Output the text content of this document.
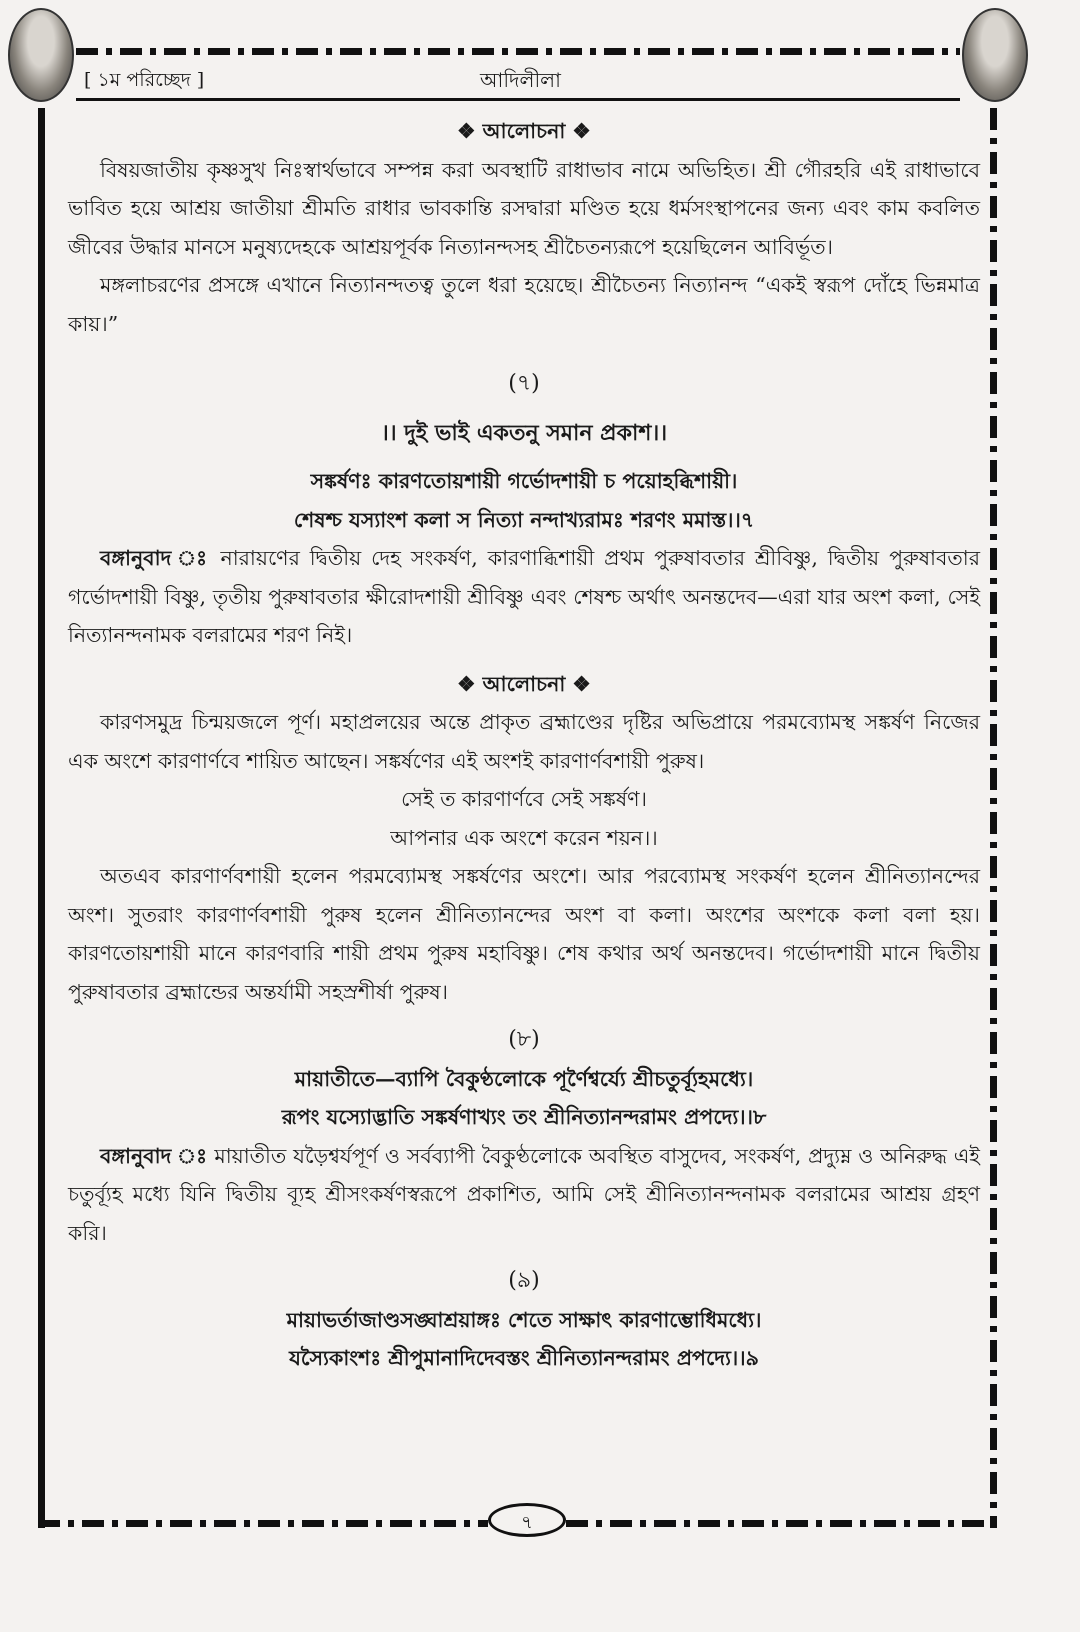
[ ১ম পরিচ্ছেদ ]	আদিলীলা

❖ আলোচনা ❖

বিষয়জাতীয় কৃষ্ণসুখ নিঃস্বার্থভাবে সম্পন্ন করা অবস্থাটি রাধাভাব নামে অভিহিত। শ্রী গৌরহরি এই রাধাভাবে ভাবিত হয়ে আশ্রয় জাতীয়া শ্রীমতি রাধার ভাবকান্তি রসদ্বারা মণ্ডিত হয়ে ধর্মসংস্থাপনের জন্য এবং কাম কবলিত জীবের উদ্ধার মানসে মনুষ্যদেহকে আশ্রয়পূর্বক নিত্যানন্দসহ শ্রীচৈতন্যরূপে হয়েছিলেন আবির্ভূত।

মঙ্গলাচরণের প্রসঙ্গে এখানে নিত্যানন্দতত্ব তুলে ধরা হয়েছে। শ্রীচৈতন্য নিত্যানন্দ “একই স্বরূপ দোঁহে ভিন্নমাত্র কায়।”

(৭)

।। দুই ভাই একতনু সমান প্রকাশ।।

সঙ্কর্ষণঃ কারণতোয়শায়ী গর্ভোদশায়ী চ পয়োহব্ধিশায়ী।

শেষশ্চ যস্যাংশ কলা স নিত্যা নন্দাখ্যরামঃ শরণং মমাস্ত।।৭

বঙ্গানুবাদ ঃ নারায়ণের দ্বিতীয় দেহ সংকর্ষণ, কারণাব্ধিশায়ী প্রথম পুরুষাবতার শ্রীবিষ্ণু, দ্বিতীয় পুরুষাবতার গর্ভোদশায়ী বিষ্ণু, তৃতীয় পুরুষাবতার ক্ষীরোদশায়ী শ্রীবিষ্ণু এবং শেষশ্চ অর্থাৎ অনন্তদেব—এরা যার অংশ কলা, সেই নিত্যানন্দনামক বলরামের শরণ নিই।

❖ আলোচনা ❖

কারণসমুদ্র চিন্ময়জলে পূর্ণ। মহাপ্রলয়ের অন্তে প্রাকৃত ব্রহ্মাণ্ডের দৃষ্টির অভিপ্রায়ে পরমব্যোমস্থ সঙ্কর্ষণ নিজের এক অংশে কারণার্ণবে শায়িত আছেন। সঙ্কর্ষণের এই অংশই কারণার্ণবশায়ী পুরুষ।

সেই ত কারণার্ণবে সেই সঙ্কর্ষণ।

আপনার এক অংশে করেন শয়ন।।

অতএব কারণার্ণবশায়ী হলেন পরমব্যোমস্থ সঙ্কর্ষণের অংশে। আর পরব্যোমস্থ সংকর্ষণ হলেন শ্রীনিত্যানন্দের অংশ। সুতরাং কারণার্ণবশায়ী পুরুষ হলেন শ্রীনিত্যানন্দের অংশ বা কলা। অংশের অংশকে কলা বলা হয়। কারণতোয়শায়ী মানে কারণবারি শায়ী প্রথম পুরুষ মহাবিষ্ণু। শেষ কথার অর্থ অনন্তদেব। গর্ভোদশায়ী মানে দ্বিতীয় পুরুষাবতার ব্রহ্মান্ডের অন্তর্যামী সহস্রশীর্ষা পুরুষ।

(৮)

মায়াতীতে—ব্যাপি বৈকুণ্ঠলোকে পূর্ণৈশ্বর্য্যে শ্রীচতুর্ব্যূহমধ্যে।

রূপং যস্যোদ্ভাতি সঙ্কর্ষণাখ্যং তং শ্রীনিত্যানন্দরামং প্রপদ্যে।।৮

বঙ্গানুবাদ ঃ মায়াতীত যড়ৈশ্বর্যপূর্ণ ও সর্বব্যাপী বৈকুণ্ঠলোকে অবস্থিত বাসুদেব, সংকর্ষণ, প্রদ্যুম্ন ও অনিরুদ্ধ এই চতুর্ব্যূহ মধ্যে যিনি দ্বিতীয় ব্যূহ শ্রীসংকর্ষণস্বরূপে প্রকাশিত, আমি সেই শ্রীনিত্যানন্দনামক বলরামের আশ্রয় গ্রহণ করি।

(৯)

মায়াভর্তাজাণ্ডসঙ্ঘাশ্রয়াঙ্গঃ শেতে সাক্ষাৎ কারণাম্ভোধিমধ্যে।

যস্যৈকাংশঃ শ্রীপুমানাদিদেবস্তং শ্রীনিত্যানন্দরামং প্রপদ্যে।।৯

৭
